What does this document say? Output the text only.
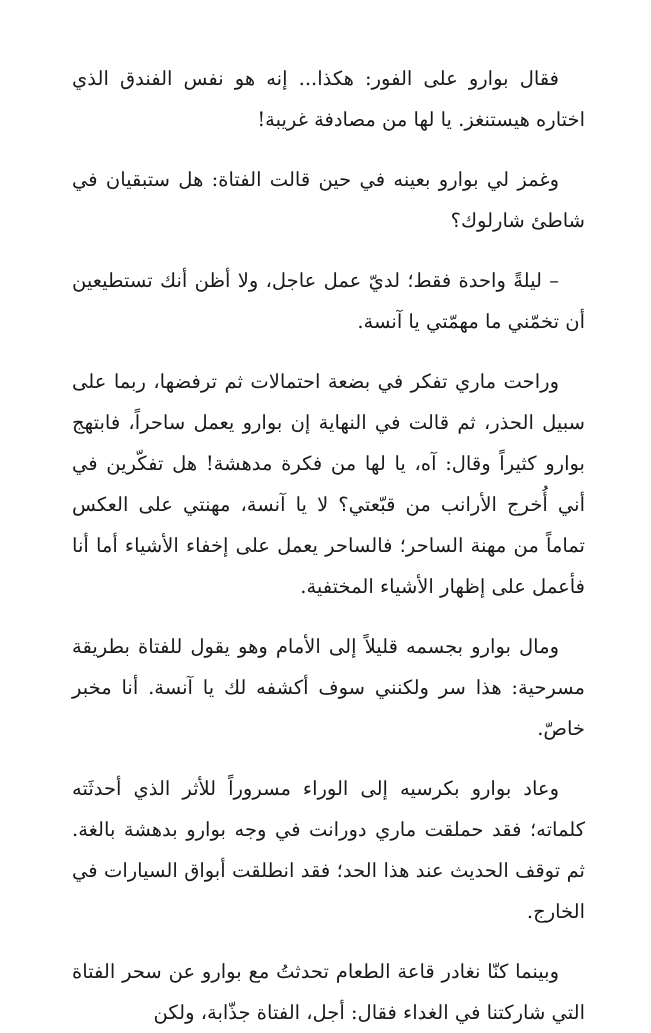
فقال بوارو على الفور: هكذا... إنه هو نفس الفندق الذي اختاره هيستنغز. يا لها من مصادفة غريبة!

وغمز لي بوارو بعينه في حين قالت الفتاة: هل ستبقيان في شاطئ شارلوك؟

– ليلةً واحدة فقط؛ لديّ عمل عاجل، ولا أظن أنك تستطيعين أن تخمّني ما مهمّتي يا آنسة.

وراحت ماري تفكر في بضعة احتمالات ثم ترفضها، ربما على سبيل الحذر، ثم قالت في النهاية إن بوارو يعمل ساحراً، فابتهج بوارو كثيراً وقال: آه، يا لها من فكرة مدهشة! هل تفكّرين في أني أُخرج الأرانب من قبّعتي؟ لا يا آنسة، مهنتي على العكس تماماً من مهنة الساحر؛ فالساحر يعمل على إخفاء الأشياء أما أنا فأعمل على إظهار الأشياء المختفية.

ومال بوارو بجسمه قليلاً إلى الأمام وهو يقول للفتاة بطريقة مسرحية: هذا سر ولكنني سوف أكشفه لك يا آنسة. أنا مخبر خاصّ.

وعاد بوارو بكرسيه إلى الوراء مسروراً للأثر الذي أحدثَته كلماته؛ فقد حملقت ماري دورانت في وجه بوارو بدهشة بالغة. ثم توقف الحديث عند هذا الحد؛ فقد انطلقت أبواق السيارات في الخارج.

وبينما كنّا نغادر قاعة الطعام تحدثتُ مع بوارو عن سحر الفتاة التي شاركتنا في الغداء فقال: أجل، الفتاة جذّابة، ولكن
